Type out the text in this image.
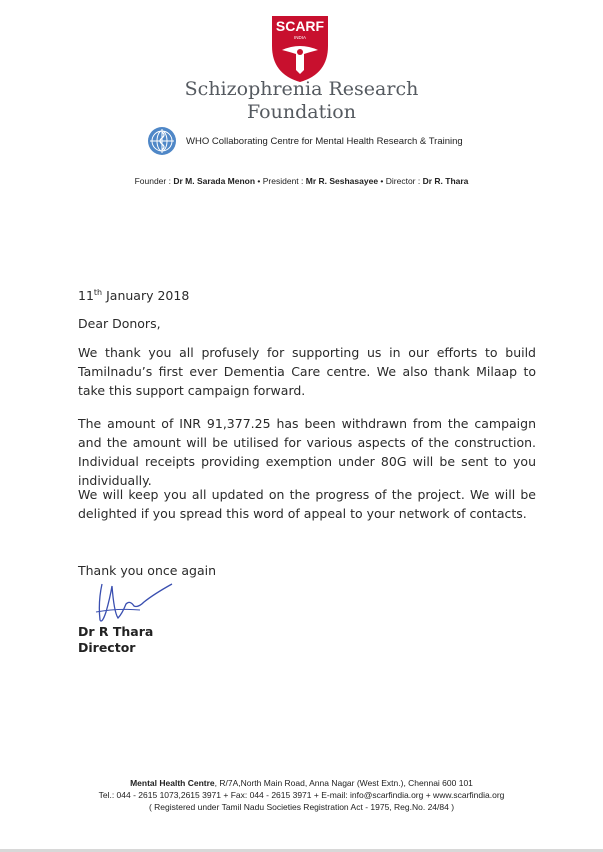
SCARF
INDIA
Schizophrenia Research
Foundation
WHO Collaborating Centre for Mental Health Research & Training
Founder : Dr M. Sarada Menon • President : Mr R. Seshasayee • Director : Dr R. Thara
11th January 2018
Dear Donors,
We thank you all profusely for supporting us in our efforts to build Tamilnadu’s first ever Dementia Care centre. We also thank Milaap to take this support campaign forward.
The amount of INR 91,377.25 has been withdrawn from the campaign and the amount will be utilised for various aspects of the construction. Individual receipts providing exemption under 80G will be sent to you individually.
We will keep you all updated on the progress of the project. We will be delighted if you spread this word of appeal to your network of contacts.
Thank you once again
Dr R Thara
Director
Mental Health Centre, R/7A,North Main Road, Anna Nagar (West Extn.), Chennai 600 101
Tel.: 044 - 2615 1073,2615 3971 + Fax: 044 - 2615 3971 + E-mail: info@scarfindia.org + www.scarfindia.org
( Registered under Tamil Nadu Societies Registration Act - 1975, Reg.No. 24/84 )
